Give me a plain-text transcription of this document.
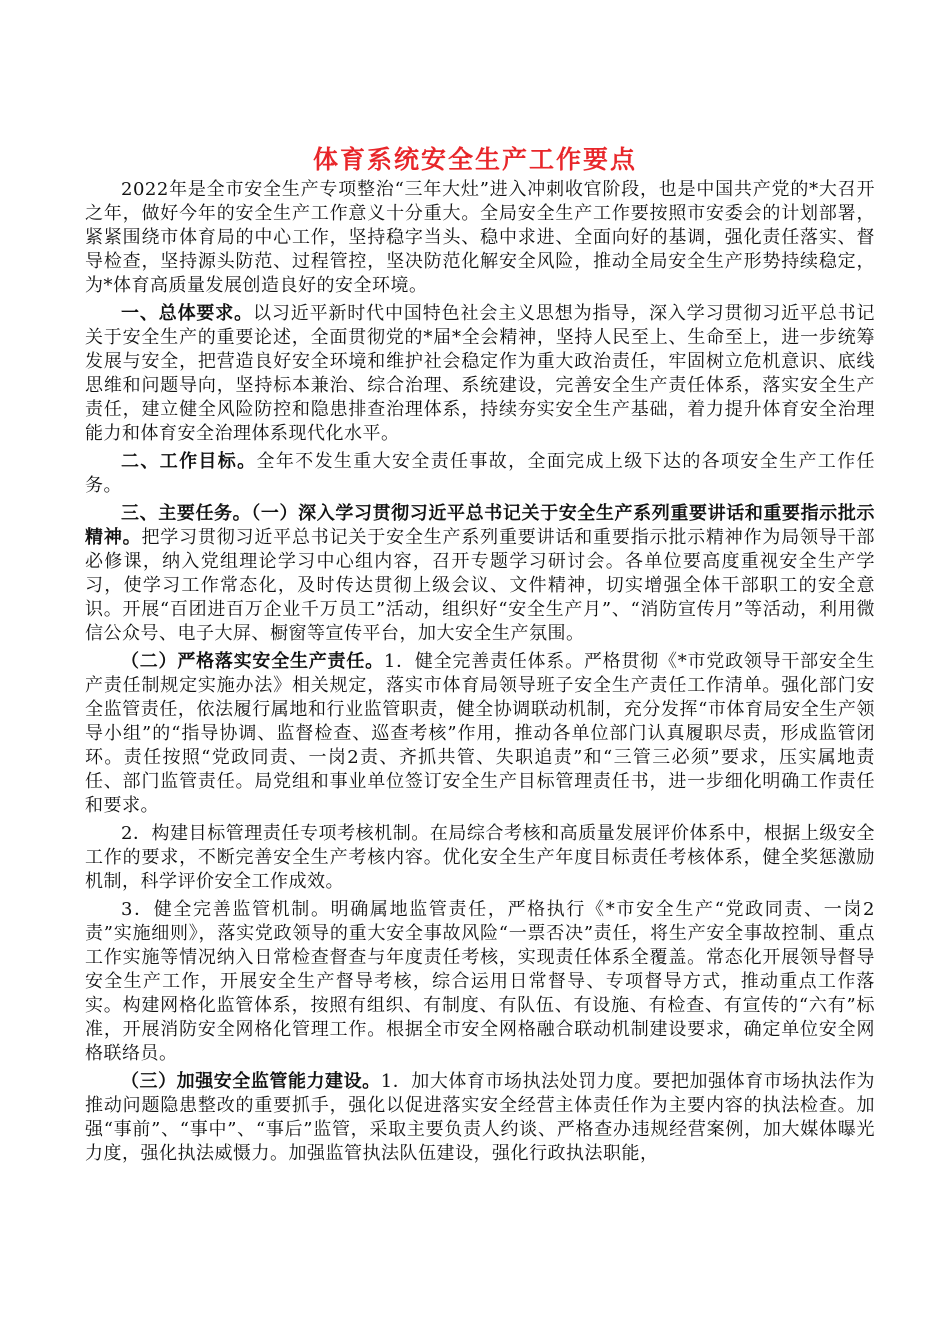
体育系统安全生产工作要点

2022年是全市安全生产专项整治“三年大灶”进入冲刺收官阶段，也是中国共产党的*大召开之年，做好今年的安全生产工作意义十分重大。全局安全生产工作要按照市安委会的计划部署，紧紧围绕市体育局的中心工作，坚持稳字当头、稳中求进、全面向好的基调，强化责任落实、督导检查，坚持源头防范、过程管控，坚决防范化解安全风险，推动全局安全生产形势持续稳定，为*体育高质量发展创造良好的安全环境。

一、总体要求。以习近平新时代中国特色社会主义思想为指导，深入学习贯彻习近平总书记关于安全生产的重要论述，全面贯彻党的*届*全会精神，坚持人民至上、生命至上，进一步统筹发展与安全，把营造良好安全环境和维护社会稳定作为重大政治责任，牢固树立危机意识、底线思维和问题导向，坚持标本兼治、综合治理、系统建设，完善安全生产责任体系，落实安全生产责任，建立健全风险防控和隐患排查治理体系，持续夯实安全生产基础，着力提升体育安全治理能力和体育安全治理体系现代化水平。

二、工作目标。全年不发生重大安全责任事故，全面完成上级下达的各项安全生产工作任务。

三、主要任务。（一）深入学习贯彻习近平总书记关于安全生产系列重要讲话和重要指示批示精神。把学习贯彻习近平总书记关于安全生产系列重要讲话和重要指示批示精神作为局领导干部必修课，纳入党组理论学习中心组内容，召开专题学习研讨会。各单位要高度重视安全生产学习，使学习工作常态化，及时传达贯彻上级会议、文件精神，切实增强全体干部职工的安全意识。开展“百团进百万企业千万员工”活动，组织好“安全生产月”、“消防宣传月”等活动，利用微信公众号、电子大屏、橱窗等宣传平台，加大安全生产氛围。

（二）严格落实安全生产责任。1．健全完善责任体系。严格贯彻《*市党政领导干部安全生产责任制规定实施办法》相关规定，落实市体育局领导班子安全生产责任工作清单。强化部门安全监管责任，依法履行属地和行业监管职责，健全协调联动机制，充分发挥“市体育局安全生产领导小组”的“指导协调、监督检查、巡查考核”作用，推动各单位部门认真履职尽责，形成监管闭环。责任按照“党政同责、一岗2责、齐抓共管、失职追责”和“三管三必须”要求，压实属地责任、部门监管责任。局党组和事业单位签订安全生产目标管理责任书，进一步细化明确工作责任和要求。

2．构建目标管理责任专项考核机制。在局综合考核和高质量发展评价体系中，根据上级安全工作的要求，不断完善安全生产考核内容。优化安全生产年度目标责任考核体系，健全奖惩激励机制，科学评价安全工作成效。

3．健全完善监管机制。明确属地监管责任，严格执行《*市安全生产“党政同责、一岗2责”实施细则》，落实党政领导的重大安全事故风险“一票否决”责任，将生产安全事故控制、重点工作实施等情况纳入日常检查督查与年度责任考核，实现责任体系全覆盖。常态化开展领导督导安全生产工作，开展安全生产督导考核，综合运用日常督导、专项督导方式，推动重点工作落实。构建网格化监管体系，按照有组织、有制度、有队伍、有设施、有检查、有宣传的“六有”标准，开展消防安全网格化管理工作。根据全市安全网格融合联动机制建设要求，确定单位安全网格联络员。

（三）加强安全监管能力建设。1．加大体育市场执法处罚力度。要把加强体育市场执法作为推动问题隐患整改的重要抓手，强化以促进落实安全经营主体责任作为主要内容的执法检查。加强“事前”、“事中”、“事后”监管，采取主要负责人约谈、严格查办违规经营案例，加大媒体曝光力度，强化执法威慑力。加强监管执法队伍建设，强化行政执法职能，
